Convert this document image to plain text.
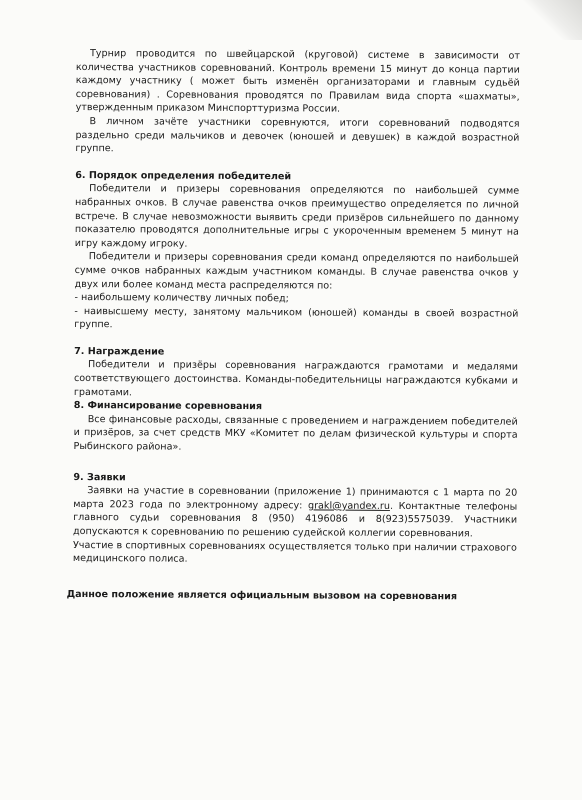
Турнир проводится по швейцарской (круговой) системе в зависимости от количества участников соревнований. Контроль времени 15 минут до конца партии каждому участнику ( может быть изменён организаторами и главным судьёй соревнования) . Соревнования проводятся по Правилам вида спорта «шахматы», утвержденным приказом Минспорттуризма России.

В личном зачёте участники соревнуются, итоги соревнований подводятся раздельно среди мальчиков и девочек (юношей и девушек) в каждой возрастной группе.

6. Порядок определения победителей

Победители и призеры соревнования определяются по наибольшей сумме набранных очков. В случае равенства очков преимущество определяется по личной встрече. В случае невозможности выявить среди призёров сильнейшего по данному показателю проводятся дополнительные игры с укороченным временем 5 минут на игру каждому игроку.

Победители и призеры соревнования среди команд определяются по наибольшей сумме очков набранных каждым участником команды. В случае равенства очков у двух или более команд места распределяются по:

- наибольшему количеству личных побед;

- наивысшему месту, занятому мальчиком (юношей) команды в своей возрастной группе.

7. Награждение

Победители и призёры соревнования награждаются грамотами и медалями соответствующего достоинства. Команды-победительницы награждаются кубками и грамотами.

8. Финансирование соревнования

Все финансовые расходы, связанные с проведением и награждением победителей и призёров, за счет средств МКУ «Комитет по делам физической культуры и спорта Рыбинского района».

9. Заявки

Заявки на участие в соревновании (приложение 1) принимаются с 1 марта по 20 марта 2023 года по электронному адресу: grakl@yandex.ru. Контактные телефоны главного судьи соревнования 8 (950) 4196086 и 8(923)5575039. Участники допускаются к соревнованию по решению судейской коллегии соревнования.

Участие в спортивных соревнованиях осуществляется только при наличии страхового медицинского полиса.

Данное положение является официальным вызовом на соревнования
